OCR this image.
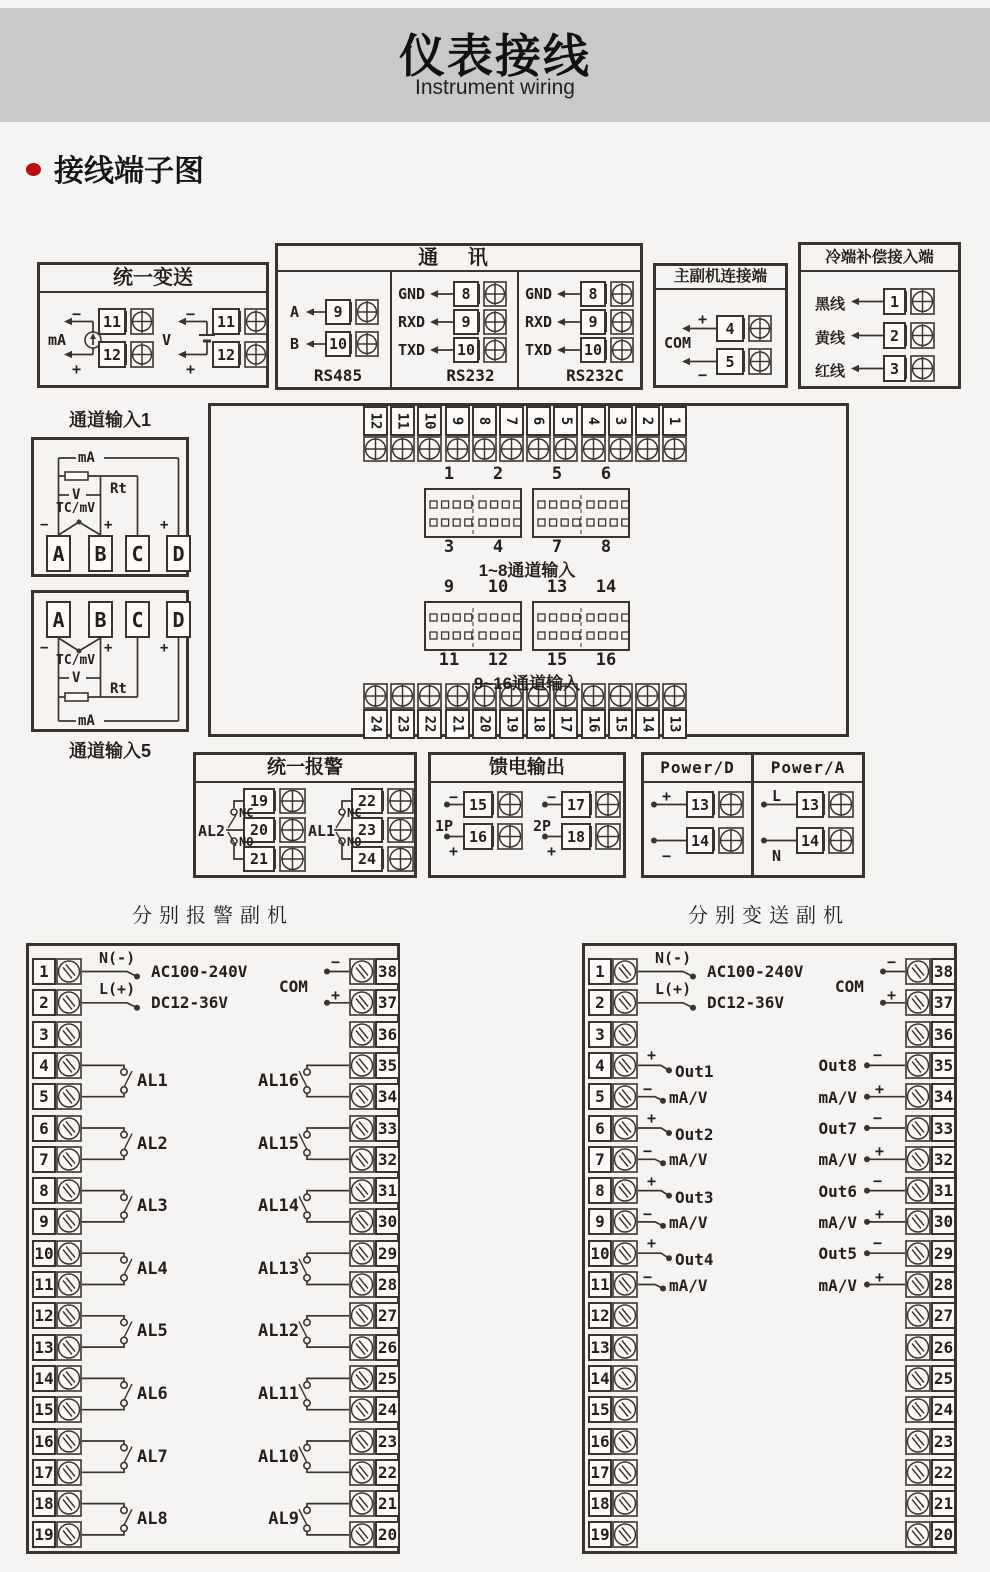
仪表接线
Instrument wiring
接线端子图
统一变送
mA
−
+
11
12
V
−
+
11
12
通 讯
A	9
B 10
RS485
GND	8
RXD	9
TXD 10
RS232
GND	8
RXD	9
TXD 10
RS232C
主副机连接端
COM
+
4
−
5
冷端补偿接入端
黑线	1
黄线	2
红线	3
通道输入1
A	B	C	D
mA
Rt
V
TC/mV
−	+	+
A	B	C	D
−	+	+
TC/mV
V
Rt
mA
通道输入5
12 11 10 9 8 7 6 5 4 3 2 1
24 23 22 21 20 19 18 17 16 15 14 13
1	2
3	4
5	6
7	8
1~8通道输入
9	10
11 12
13 14
15 16
9~16通道输入
统一报警
19
20
21
NC
AL2
NO
22
23
24
NC
AL1
NO
馈电输出
1P
− 15
+
16
2P
− 17
+
18
Power/D
+	13
−
14
Power/A
L	13
N
14
分别报警副机	分别变送副机
1
2
3
4
5
6
7
8
9
10
11
12
13
14
15
16
17
18
19
38
37
36
35
34
33
32
31
30
29
28
27
26
25
24
23
22
21
20
N(-)
AC100-240V
L(+)
DC12-36V
COM
−
+
AL1
AL2
AL3
AL4
AL5
AL6
AL7
AL8
AL16
AL15
AL14
AL13
AL12
AL11
AL10
AL9
1
2
3
4
5
6
7
8
9
10
11
12
13
14
15
16
17
18
19
38
37
36
35
34
33
32
31
30
29
28
27
26
25
24
23
22
21
20
N(-)
AC100-240V
L(+)
DC12-36V
COM
−
+
+
Out1
− mA/V
+
Out2
− mA/V
+
Out3
− mA/V
+
Out4
− mA/V
Out8
−
mA/V +
Out7
−
mA/V +
Out6
−
mA/V +
Out5
−
mA/V +
